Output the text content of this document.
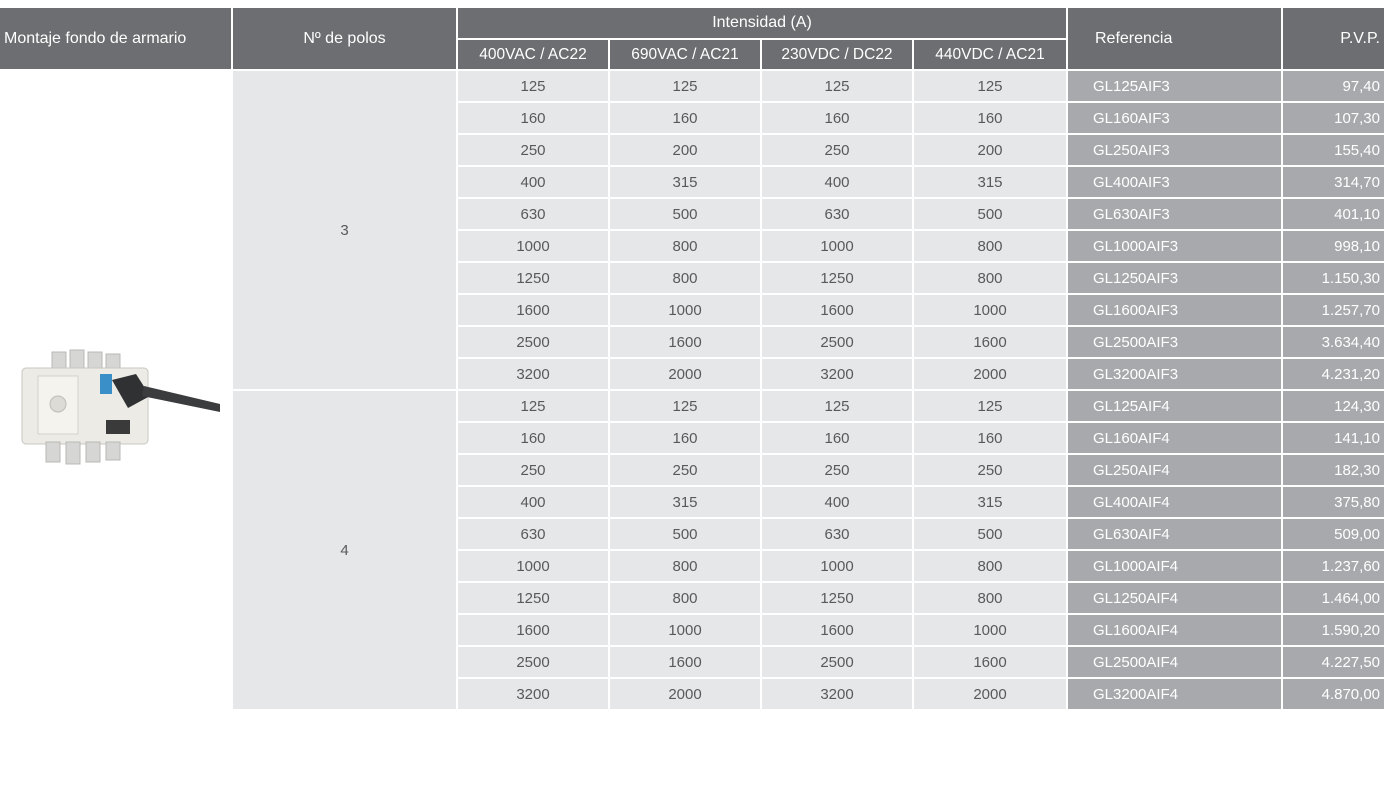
Montaje fondo de armario	Nº de polos
Intensidad (A)
400VAC / AC22	690VAC / AC21	230VDC / DC22	440VDC / AC21
Referencia	P.V.P.
3
125	125	125	125	GL125AIF3	97,40
160	160	160	160	GL160AIF3	107,30
250	200	250	200	GL250AIF3	155,40
400	315	400	315	GL400AIF3	314,70
630	500	630	500	GL630AIF3	401,10
1000	800	1000	800	GL1000AIF3	998,10
1250	800	1250	800	GL1250AIF3	1.150,30
1600	1000	1600	1000	GL1600AIF3	1.257,70
2500	1600	2500	1600	GL2500AIF3	3.634,40
3200	2000	3200	2000	GL3200AIF3	4.231,20
4
125	125	125	125	GL125AIF4	124,30
160	160	160	160	GL160AIF4	141,10
250	250	250	250	GL250AIF4	182,30
400	315	400	315	GL400AIF4	375,80
630	500	630	500	GL630AIF4	509,00
1000	800	1000	800	GL1000AIF4	1.237,60
1250	800	1250	800	GL1250AIF4	1.464,00
1600	1000	1600	1000	GL1600AIF4	1.590,20
2500	1600	2500	1600	GL2500AIF4	4.227,50
3200	2000	3200	2000	GL3200AIF4	4.870,00
